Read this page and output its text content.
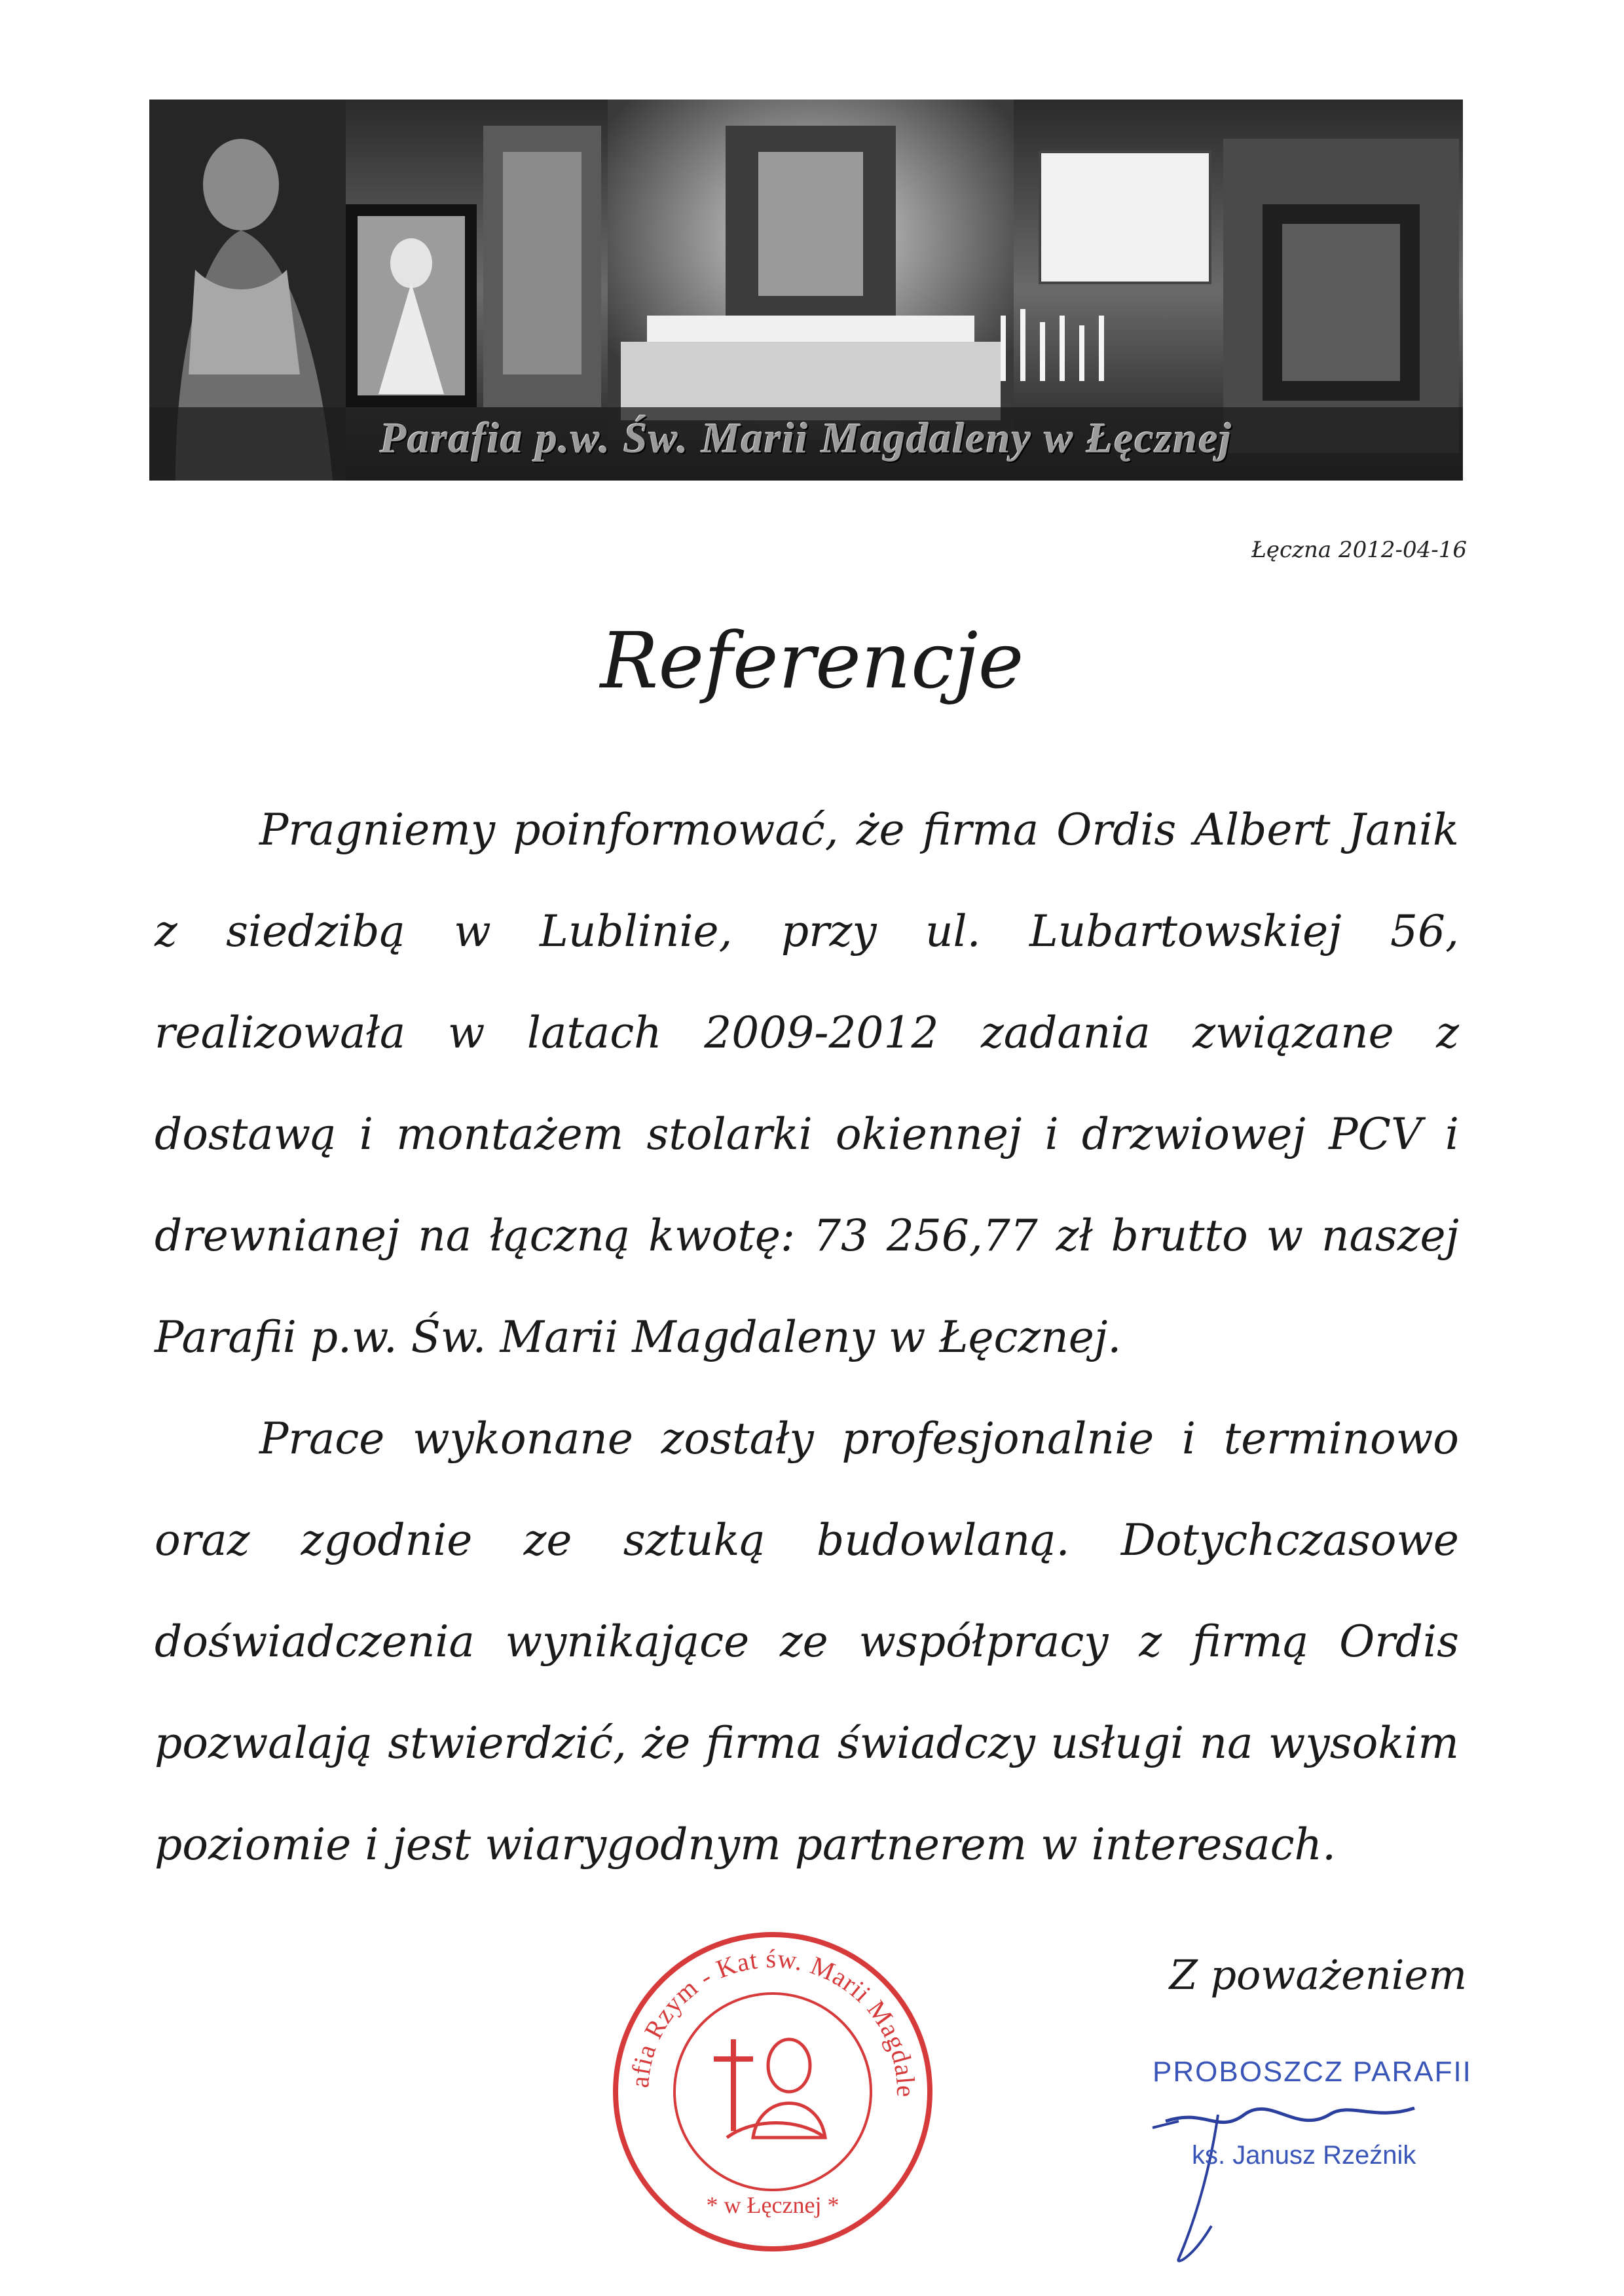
Parafia p.w. Św. Marii Magdaleny w Łęcznej
Łęczna 2012-04-16
Referencje

Pragniemy poinformować, że firma Ordis Albert Janik z siedzibą w Lublinie, przy ul. Lubartowskiej 56, realizowała w latach 2009-2012 zadania związane z dostawą i montażem stolarki okiennej i drzwiowej PCV i drewnianej na łączną kwotę: 73 256,77 zł brutto w naszej Parafii p.w. Św. Marii Magdaleny w Łęcznej.

Prace wykonane zostały profesjonalnie i terminowo oraz zgodnie ze sztuką budowlaną. Dotychczasowe doświadczenia wynikające ze współpracy z firmą Ordis pozwalają stwierdzić, że firma świadczy usługi na wysokim poziomie i jest wiarygodnym partnerem w interesach.

Z poważeniem
afia Rzym - Kat św. Marii Magdale
* w Łęcznej *
PROBOSZCZ PARAFII
ks. Janusz Rzeźnik
